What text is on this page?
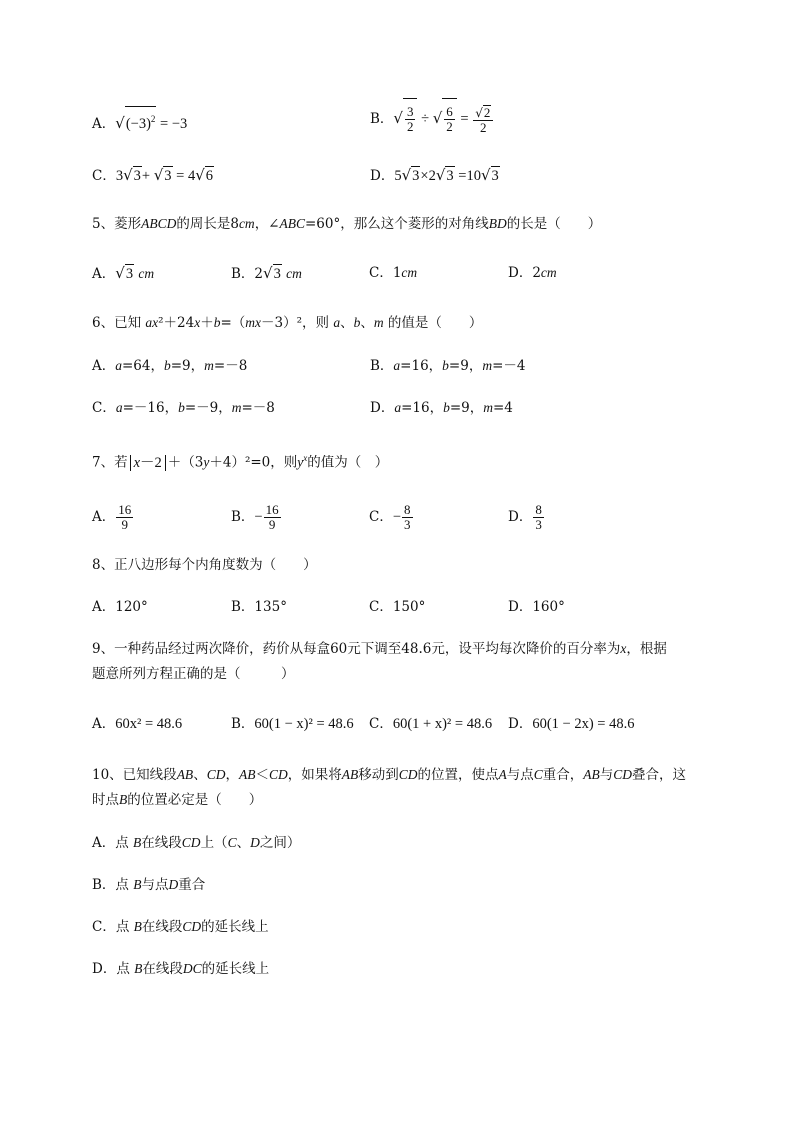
A．$√(-3)^2 = -3$	B．√ $\frac{3}{2}$ ÷ √ $\frac{6}{2} = \frac{√2}{2}$
C．3√3+ √3 = 4√6	D．5√3×2√3 =10√3
5、菱形ABCD的周长是8cm，∠ABC=60°，那么这个菱形的对角线BD的长是（　　）
A．√3 cm	B．2√3 cm	C．1cm	D．2cm
6、已知 ax²＋24x＋b=（mx－3）²，则 a、b、m 的值是（　　）
A．a=64，b=9，m=－8	B．a=16，b=9，m=－4
C．a=－16，b=－9，m=－8	D．a=16，b=9，m=4
7、若 x－2 ＋（3y＋4）²=0，则$y^x$的值为（　）
A． $\frac{16}{9}$	B．− $\frac{16}{9}$	C．− $\frac{8}{3}$	D． $\frac{8}{3}$
8、正八边形每个内角度数为（　　）
A．120°	B．135°	C．150°	D．160°
9、一种药品经过两次降价，药价从每盒60元下调至48.6元，设平均每次降价的百分率为x，根据
题意所列方程正确的是（　　　）
A．60x² = 48.6	B．60(1 − x)² = 48.6 C．60(1 + x)² = 48.6 D．60(1 − 2x) = 48.6
10、已知线段AB、CD，AB＜CD，如果将AB移动到CD的位置，使点A与点C重合，AB与CD叠合，这
时点B的位置必定是（　　）
A．点 B在线段CD上（C、D之间）
B．点 B与点D重合
C．点 B在线段CD的延长线上
D．点 B在线段DC的延长线上
